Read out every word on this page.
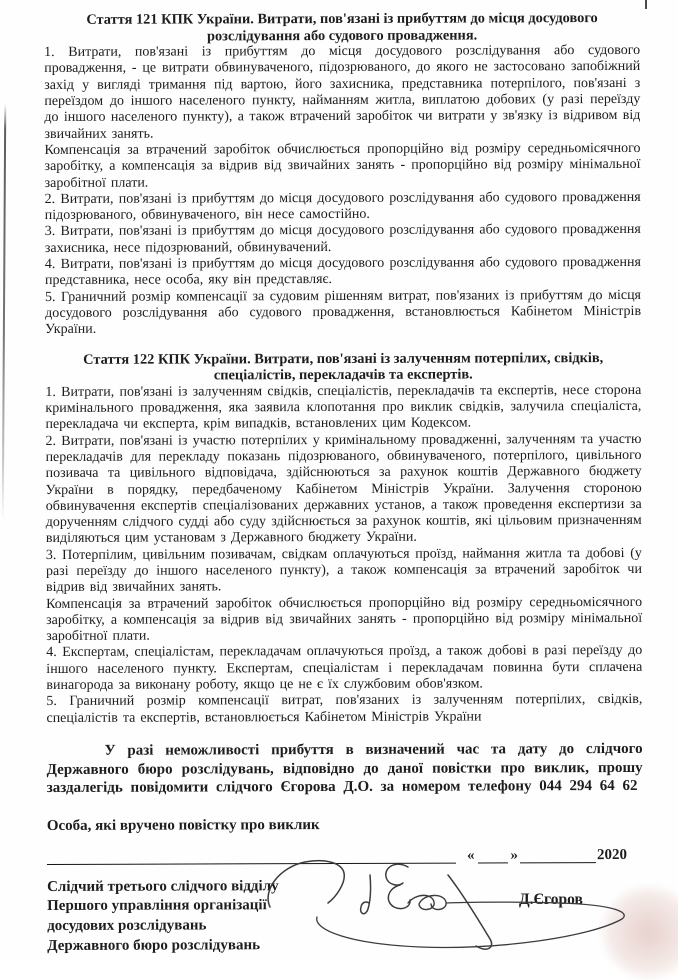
Стаття 121 КПК України. Витрати, пов'язані із прибуттям до місця досудового розслідування або судового провадження.

1. Витрати, пов'язані із прибуттям до місця досудового розслідування або судового провадження, - це витрати обвинуваченого, підозрюваного, до якого не застосовано запобіжний захід у вигляді тримання під вартою, його захисника, представника потерпілого, пов'язані з переїздом до іншого населеного пункту, найманням житла, виплатою добових (у разі переїзду до іншого населеного пункту), а також втрачений заробіток чи витрати у зв'язку із відривом від звичайних занять.

Компенсація за втрачений заробіток обчислюється пропорційно від розміру середньомісячного заробітку, а компенсація за відрив від звичайних занять - пропорційно від розміру мінімальної заробітної плати.

2. Витрати, пов'язані із прибуттям до місця досудового розслідування або судового провадження підозрюваного, обвинуваченого, він несе самостійно.

3. Витрати, пов'язані із прибуттям до місця досудового розслідування або судового провадження захисника, несе підозрюваний, обвинувачений.

4. Витрати, пов'язані із прибуттям до місця досудового розслідування або судового провадження представника, несе особа, яку він представляє.

5. Граничний розмір компенсації за судовим рішенням витрат, пов'язаних із прибуттям до місця досудового розслідування або судового провадження, встановлюється Кабінетом Міністрів України.

Стаття 122 КПК України. Витрати, пов'язані із залученням потерпілих, свідків, спеціалістів, перекладачів та експертів.

1. Витрати, пов'язані із залученням свідків, спеціалістів, перекладачів та експертів, несе сторона кримінального провадження, яка заявила клопотання про виклик свідків, залучила спеціаліста, перекладача чи експерта, крім випадків, встановлених цим Кодексом.

2. Витрати, пов'язані із участю потерпілих у кримінальному провадженні, залученням та участю перекладачів для перекладу показань підозрюваного, обвинуваченого, потерпілого, цивільного позивача та цивільного відповідача, здійснюються за рахунок коштів Державного бюджету України в порядку, передбаченому Кабінетом Міністрів України. Залучення стороною обвинувачення експертів спеціалізованих державних установ, а також проведення експертизи за дорученням слідчого судді або суду здійснюється за рахунок коштів, які цільовим призначенням виділяються цим установам з Державного бюджету України.

3. Потерпілим, цивільним позивачам, свідкам оплачуються проїзд, наймання житла та добові (у разі переїзду до іншого населеного пункту), а також компенсація за втрачений заробіток чи відрив від звичайних занять.

Компенсація за втрачений заробіток обчислюється пропорційно від розміру середньомісячного заробітку, а компенсація за відрив від звичайних занять - пропорційно від розміру мінімальної заробітної плати.

4. Експертам, спеціалістам, перекладачам оплачуються проїзд, а також добові в разі переїзду до іншого населеного пункту. Експертам, спеціалістам і перекладачам повинна бути сплачена винагорода за виконану роботу, якщо це не є їх службовим обов'язком.

5. Граничний розмір компенсації витрат, пов'язаних із залученням потерпілих, свідків, спеціалістів та експертів, встановлюється Кабінетом Міністрів України

У разі неможливості прибуття в визначений час та дату до слідчого Державного бюро розслідувань, відповідно до даної повістки про виклик, прошу заздалегідь повідомити слідчого Єгорова Д.О. за номером телефону 044 294 64 62

Особа, які вручено повістку про виклик

« »	2020
Слідчий третього слідчого відділу
Першого управління організації
досудових розслідувань
Державного бюро розслідувань
Д.Єгоров
